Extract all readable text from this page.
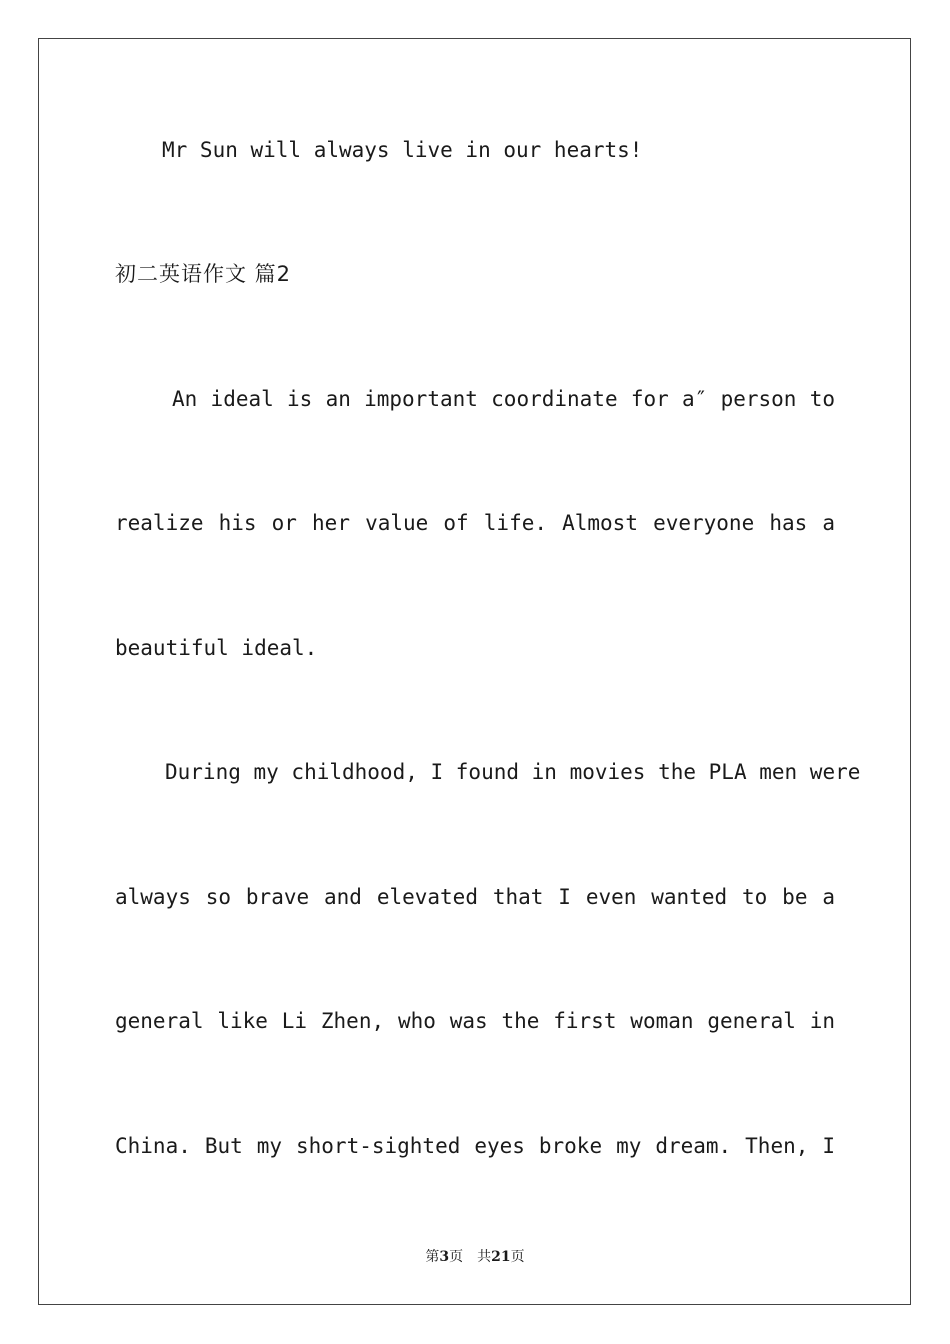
Mr Sun will always live in our hearts!
初二英语作文 篇2
An ideal is an important coordinate for a″ person to
realize his or her value of life. Almost everyone has a
beautiful ideal.
During my childhood, I found in movies the PLA men were
always so brave and elevated that I even wanted to be a
general like Li Zhen, who was the first woman general in
China. But my short-sighted eyes broke my dream. Then, I
第3页 共21页
